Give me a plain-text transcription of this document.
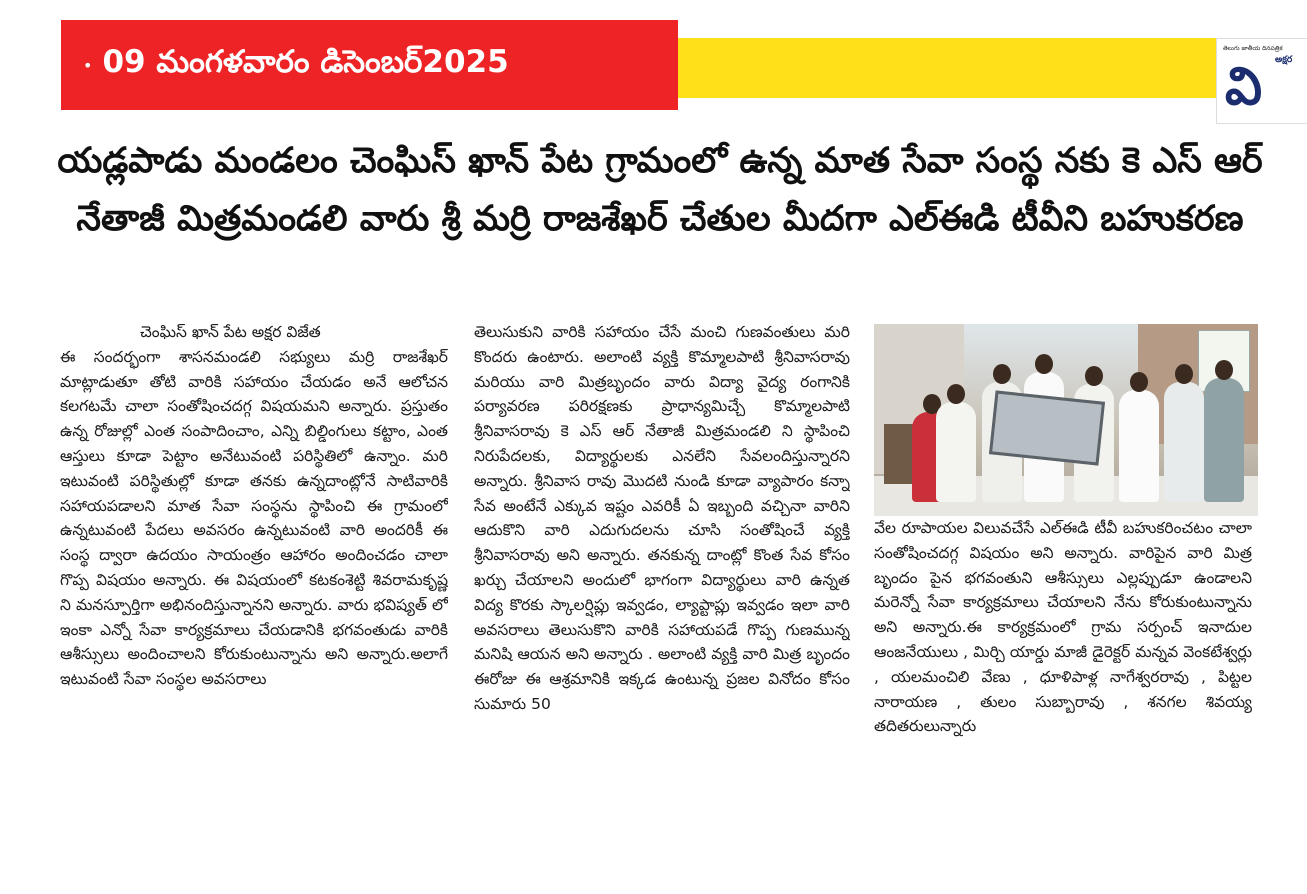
• 09 మంగళవారం డిసెంబర్2025	తెలుగు జాతీయ దినపత్రిక
అక్షర
వి
యడ్లపాడు మండలం చెంఘిస్ ఖాన్ పేట గ్రామంలో ఉన్న మాత సేవా సంస్థ నకు కె ఎస్ ఆర్ నేతాజీ మిత్రమండలి వారు శ్రీ మర్రి రాజశేఖర్ చేతుల మీదగా ఎల్ఈడి టీవీని బహుకరణ
చెంఘిస్ ఖాన్ పేట అక్షర విజేత

ఈ సందర్భంగా శాసనమండలి సభ్యులు మర్రి రాజశేఖర్ మాట్లాడుతూ తోటి వారికి సహాయం చేయడం అనే ఆలోచన కలగటమే చాలా సంతోషించదగ్గ విషయమని అన్నారు. ప్రస్తుతం ఉన్న రోజుల్లో ఎంత సంపాదించాం, ఎన్ని బిల్డింగులు కట్టాం, ఎంత ఆస్తులు కూడా పెట్టాం అనేటువంటి పరిస్థితిలో ఉన్నాం. మరి ఇటువంటి పరిస్థితుల్లో కూడా తనకు ఉన్నదాంట్లోనే సాటివారికి సహాయపడాలని మాత సేవా సంస్థను స్థాపించి ఈ గ్రామంలో ఉన్నటువంటి పేదలు అవసరం ఉన్నటువంటి వారి అందరికీ ఈ సంస్థ ద్వారా ఉదయం సాయంత్రం ఆహారం అందించడం చాలా గొప్ప విషయం అన్నారు. ఈ విషయంలో కటకంశెట్టి శివరామకృష్ణ ని మనస్పూర్తిగా అభినందిస్తున్నానని అన్నారు. వారు భవిష్యత్ లో ఇంకా ఎన్నో సేవా కార్యక్రమాలు చేయడానికి భగవంతుడు వారికి ఆశీస్సులు అందించాలని కోరుకుంటున్నాను అని అన్నారు.అలాగే ఇటువంటి సేవా సంస్థల అవసరాలు

తెలుసుకుని వారికి సహాయం చేసే మంచి గుణవంతులు మరి కొందరు ఉంటారు. అలాంటి వ్యక్తి కొమ్మాలపాటి శ్రీనివాసరావు మరియు వారి మిత్రబృందం వారు విద్యా వైద్య రంగానికి పర్యావరణ పరిరక్షణకు ప్రాధాన్యమిచ్చే కొమ్మాలపాటి శ్రీనివాసరావు కె ఎస్ ఆర్ నేతాజీ మిత్రమండలి ని స్థాపించి నిరుపేదలకు, విద్యార్థులకు ఎనలేని సేవలందిస్తున్నారని అన్నారు. శ్రీనివాస రావు మొదటి నుండి కూడా వ్యాపారం కన్నా సేవ అంటేనే ఎక్కువ ఇష్టం ఎవరికీ ఏ ఇబ్బంది వచ్చినా వారిని ఆదుకొని వారి ఎదుగుదలను చూసి సంతోషించే వ్యక్తి శ్రీనివాసరావు అని అన్నారు. తనకున్న దాంట్లో కొంత సేవ కోసం ఖర్చు చేయాలని అందులో భాగంగా విద్యార్థులు వారి ఉన్నత విద్య కొరకు స్కాలర్షిప్లు ఇవ్వడం, ల్యాప్టాప్లు ఇవ్వడం ఇలా వారి అవసరాలు తెలుసుకొని వారికి సహాయపడే గొప్ప గుణమున్న మనిషి ఆయన అని అన్నారు . అలాంటి వ్యక్తి వారి మిత్ర బృందం ఈరోజు ఈ ఆశ్రమానికి ఇక్కడ ఉంటున్న ప్రజల వినోదం కోసం సుమారు 50

వేల రూపాయల విలువచేసే ఎల్ఈడి టీవీ బహుకరించటం చాలా సంతోషించదగ్గ విషయం అని అన్నారు. వారిపైన వారి మిత్ర బృందం పైన భగవంతుని ఆశీస్సులు ఎల్లప్పుడూ ఉండాలని మరెన్నో సేవా కార్యక్రమాలు చేయాలని నేను కోరుకుంటున్నాను అని అన్నారు.ఈ కార్యక్రమంలో గ్రామ సర్పంచ్ ఇనాదుల ఆంజనేయులు , మిర్చి యార్డు మాజీ డైరెక్టర్ మన్నవ వెంకటేశ్వర్లు , యలమంచిలి వేణు , ధూళిపాళ్ల నాగేశ్వరరావు , పిట్టల నారాయణ , తులం సుబ్బారావు , శనగల శివయ్య తదితరులున్నారు
